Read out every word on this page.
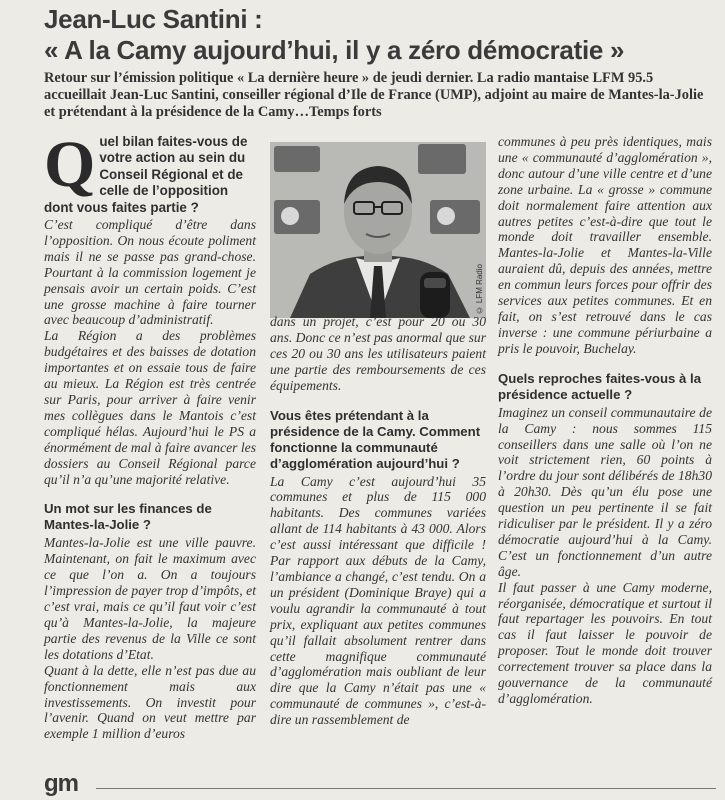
Jean-Luc Santini :
« A la Camy aujourd’hui, il y a zéro démocratie »

Retour sur l’émission politique « La dernière heure » de jeudi dernier. La radio mantaise LFM 95.5 accueillait Jean-Luc Santini, conseiller régional d’Ile de France (UMP), adjoint au maire de Mantes-la-Jolie et prétendant à la présidence de la Camy…Temps forts

Quel bilan faites-vous de votre action au sein du Conseil Régional et de celle de l’opposition dont vous faites partie ?

C’est compliqué d’être dans l’opposition. On nous écoute poliment mais il ne se passe pas grand-chose. Pourtant à la commission logement je pensais avoir un certain poids. C’est une grosse machine à faire tourner avec beaucoup d’administratif.

La Région a des problèmes budgétaires et des baisses de dotation importantes et on essaie tous de faire au mieux. La Région est très centrée sur Paris, pour arriver à faire venir mes collègues dans le Mantois c’est compliqué hélas. Aujourd’hui le PS a énormément de mal à faire avancer les dossiers au Conseil Régional parce qu’il n’a qu’une majorité relative.

Un mot sur les finances de Mantes-la-Jolie ?

Mantes-la-Jolie est une ville pauvre. Maintenant, on fait le maximum avec ce que l’on a. On a toujours l’impression de payer trop d’impôts, et c’est vrai, mais ce qu’il faut voir c’est qu’à Mantes-la-Jolie, la majeure partie des revenus de la Ville ce sont les dotations d’Etat.

Quant à la dette, elle n’est pas due au fonctionnement mais aux investissements. On investit pour l’avenir. Quand on veut mettre par exemple 1 million d’euros

© LFM Radio

dans un projet, c’est pour 20 ou 30 ans. Donc ce n’est pas anormal que sur ces 20 ou 30 ans les utilisateurs paient une partie des remboursements de ces équipements.

Vous êtes prétendant à la présidence de la Camy. Comment fonctionne la communauté d’agglomération aujourd’hui ?

La Camy c’est aujourd’hui 35 communes et plus de 115 000 habitants. Des communes variées allant de 114 habitants à 43 000. Alors c’est aussi intéressant que difficile ! Par rapport aux débuts de la Camy, l’ambiance a changé, c’est tendu. On a un président (Dominique Braye) qui a voulu agrandir la communauté à tout prix, expliquant aux petites communes qu’il fallait absolument rentrer dans cette magnifique communauté d’agglomération mais oubliant de leur dire que la Camy n’était pas une « communauté de communes », c’est-à-dire un rassemblement de

communes à peu près identiques, mais une « communauté d’agglomération », donc autour d’une ville centre et d’une zone urbaine. La « grosse » commune doit normalement faire attention aux autres petites c’est-à-dire que tout le monde doit travailler ensemble. Mantes-la-Jolie et Mantes-la-Ville auraient dû, depuis des années, mettre en commun leurs forces pour offrir des services aux petites communes. Et en fait, on s’est retrouvé dans le cas inverse : une commune périurbaine a pris le pouvoir, Buchelay.

Quels reproches faites-vous à la présidence actuelle ?

Imaginez un conseil communautaire de la Camy : nous sommes 115 conseillers dans une salle où l’on ne voit strictement rien, 60 points à l’ordre du jour sont délibérés de 18h30 à 20h30. Dès qu’un élu pose une question un peu pertinente il se fait ridiculiser par le président. Il y a zéro démocratie aujourd’hui à la Camy. C’est un fonctionnement d’un autre âge.

Il faut passer à une Camy moderne, réorganisée, démocratique et surtout il faut repartager les pouvoirs. En tout cas il faut laisser le pouvoir de proposer. Tout le monde doit trouver correctement trouver sa place dans la gouvernance de la communauté d’agglomération.

gm
